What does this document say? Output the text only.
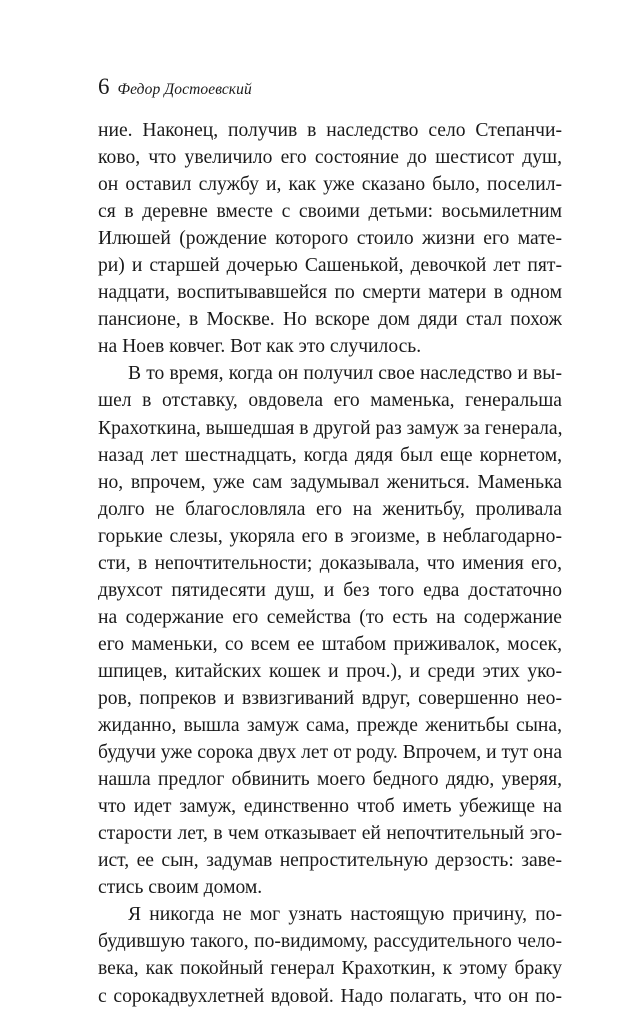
6 Федор Достоевский
ние. Наконец, получив в наследство село Степанчи-
ково, что увеличило его состояние до шестисот душ,
он оставил службу и, как уже сказано было, поселил-
ся в деревне вместе с своими детьми: восьмилетним
Илюшей (рождение которого стоило жизни его мате-
ри) и старшей дочерью Сашенькой, девочкой лет пят-
надцати, воспитывавшейся по смерти матери в одном
пансионе, в Москве. Но вскоре дом дяди стал похож
на Ноев ковчег. Вот как это случилось.
В то время, когда он получил свое наследство и вы-
шел в отставку, овдовела его маменька, генеральша
Крахоткина, вышедшая в другой раз замуж за генерала,
назад лет шестнадцать, когда дядя был еще корнетом,
но, впрочем, уже сам задумывал жениться. Маменька
долго не благословляла его на женитьбу, проливала
горькие слезы, укоряла его в эгоизме, в неблагодарно-
сти, в непочтительности; доказывала, что имения его,
двухсот пятидесяти душ, и без того едва достаточно
на содержание его семейства (то есть на содержание
его маменьки, со всем ее штабом приживалок, мосек,
шпицев, китайских кошек и проч.), и среди этих уко-
ров, попреков и взвизгиваний вдруг, совершенно нео-
жиданно, вышла замуж сама, прежде женитьбы сына,
будучи уже сорока двух лет от роду. Впрочем, и тут она
нашла предлог обвинить моего бедного дядю, уверяя,
что идет замуж, единственно чтоб иметь убежище на
старости лет, в чем отказывает ей непочтительный эго-
ист, ее сын, задумав непростительную дерзость: заве-
стись своим домом.
Я никогда не мог узнать настоящую причину, по-
будившую такого, по-видимому, рассудительного чело-
века, как покойный генерал Крахоткин, к этому браку
с сорокадвухлетней вдовой. Надо полагать, что он по-
